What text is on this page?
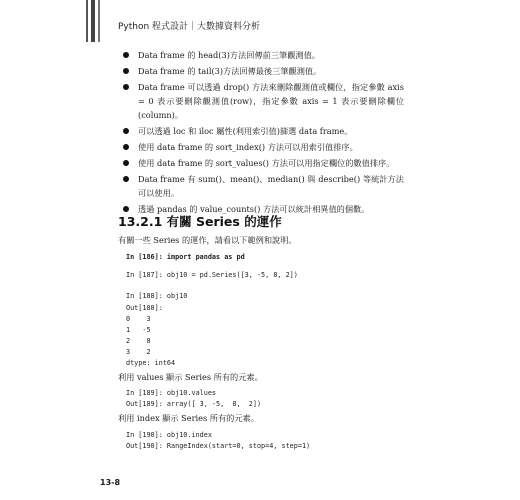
Python 程式設計｜大數據資料分析
Data frame 的 head(3)方法回傳前三筆觀測值。
Data frame 的 tail(3)方法回傳最後三筆觀測值。
Data frame 可以透過 drop() 方法來刪除觀測值或欄位，指定參數 axis = 0 表示要刪除觀測值(row)，指定參數 axis = 1 表示要刪除欄位(column)。
可以透過 loc 和 iloc 屬性(利用索引值)篩選 data frame。
使用 data frame 的 sort_index() 方法可以用索引值排序。
使用 data frame 的 sort_values() 方法可以用指定欄位的數值排序。
Data frame 有 sum()、mean()、median() 與 describe() 等統計方法可以使用。
透過 pandas 的 value_counts() 方法可以統計相異值的個數。
13.2.1 有關 Series 的運作
有關一些 Series 的運作，請看以下範例和說明。
In [186]: import pandas as pd
In [187]: obj10 = pd.Series([3, -5, 8, 2])
In [188]: obj10
Out[188]:
0    3
1   -5
2    8
3    2
dtype: int64
利用 values 顯示 Series 所有的元素。
In [189]: obj10.values
Out[189]: array([ 3, -5,  8,  2])
利用 index 顯示 Series 所有的元素。
In [190]: obj10.index
Out[190]: RangeIndex(start=0, stop=4, step=1)
13-8
